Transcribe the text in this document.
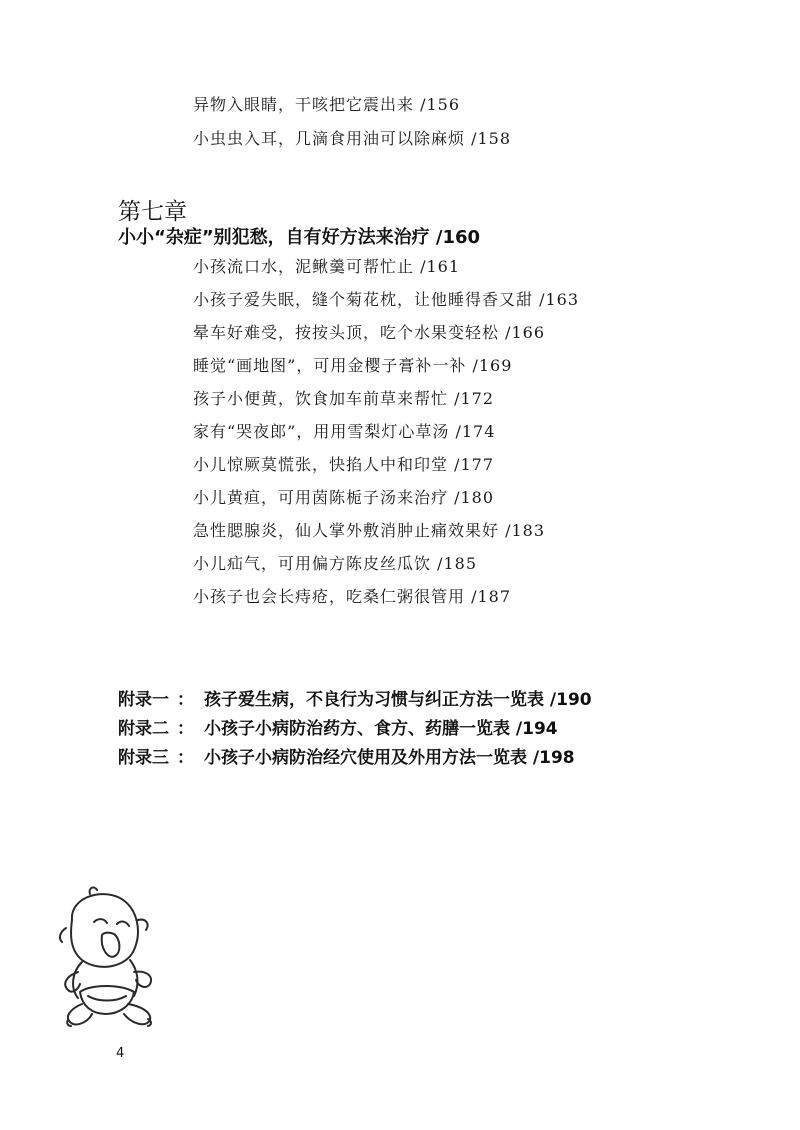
异物入眼睛，干咳把它震出来 /156
小虫虫入耳，几滴食用油可以除麻烦 /158
第七章
小小“杂症”别犯愁，自有好方法来治疗 /160
小孩流口水，泥鳅羹可帮忙止 /161
小孩子爱失眠，缝个菊花枕，让他睡得香又甜 /163
晕车好难受，按按头顶，吃个水果变轻松 /166
睡觉“画地图”，可用金樱子膏补一补 /169
孩子小便黄，饮食加车前草来帮忙 /172
家有“哭夜郎”，用用雪梨灯心草汤 /174
小儿惊厥莫慌张，快掐人中和印堂 /177
小儿黄疸，可用茵陈栀子汤来治疗 /180
急性腮腺炎，仙人掌外敷消肿止痛效果好 /183
小儿疝气，可用偏方陈皮丝瓜饮 /185
小孩子也会长痔疮，吃桑仁粥很管用 /187
附录一 ： 孩子爱生病，不良行为习惯与纠正方法一览表 /190
附录二 ： 小孩子小病防治药方、食方、药膳一览表 /194
附录三 ： 小孩子小病防治经穴使用及外用方法一览表 /198
4
